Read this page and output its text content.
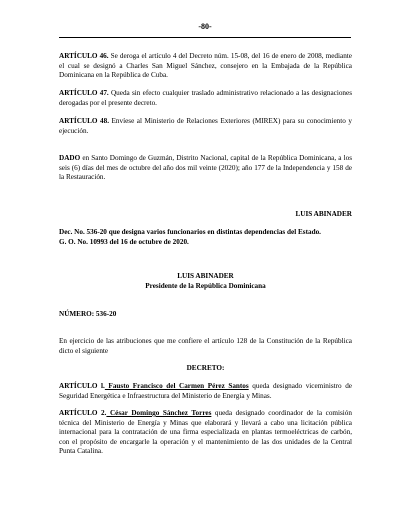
-80-

ARTÍCULO 46. Se deroga el artículo 4 del Decreto núm. 15-08, del 16 de enero de 2008, mediante el cual se designó a Charles San Miguel Sánchez, consejero en la Embajada de la República Dominicana en la República de Cuba.

ARTÍCULO 47. Queda sin efecto cualquier traslado administrativo relacionado a las designaciones derogadas por el presente decreto.

ARTÍCULO 48. Envíese al Ministerio de Relaciones Exteriores (MIREX) para su conocimiento y ejecución.

DADO en Santo Domingo de Guzmán, Distrito Nacional, capital de la República Dominicana, a los seis (6) días del mes de octubre del año dos mil veinte (2020); año 177 de la Independencia y 158 de la Restauración.

LUIS ABINADER

Dec. No. 536-20 que designa varios funcionarios en distintas dependencias del Estado.
G. O. No. 10993 del 16 de octubre de 2020.

LUIS ABINADER
Presidente de la República Dominicana

NÚMERO: 536-20

En ejercicio de las atribuciones que me confiere el artículo 128 de la Constitución de la República dicto el siguiente

DECRETO:

ARTÍCULO l. Fausto Francisco del Carmen Pérez Santos queda designado viceministro de Seguridad Energética e Infraestructura del Ministerio de Energía y Minas.

ARTÍCULO 2. César Domingo Sánchez Torres queda designado coordinador de la comisión técnica del Ministerio de Energía y Minas que elaborará y llevará a cabo una licitación pública internacional para la contratación de una firma especializada en plantas termoeléctricas de carbón, con el propósito de encargarle la operación y el mantenimiento de las dos unidades de la Central Punta Catalina.
